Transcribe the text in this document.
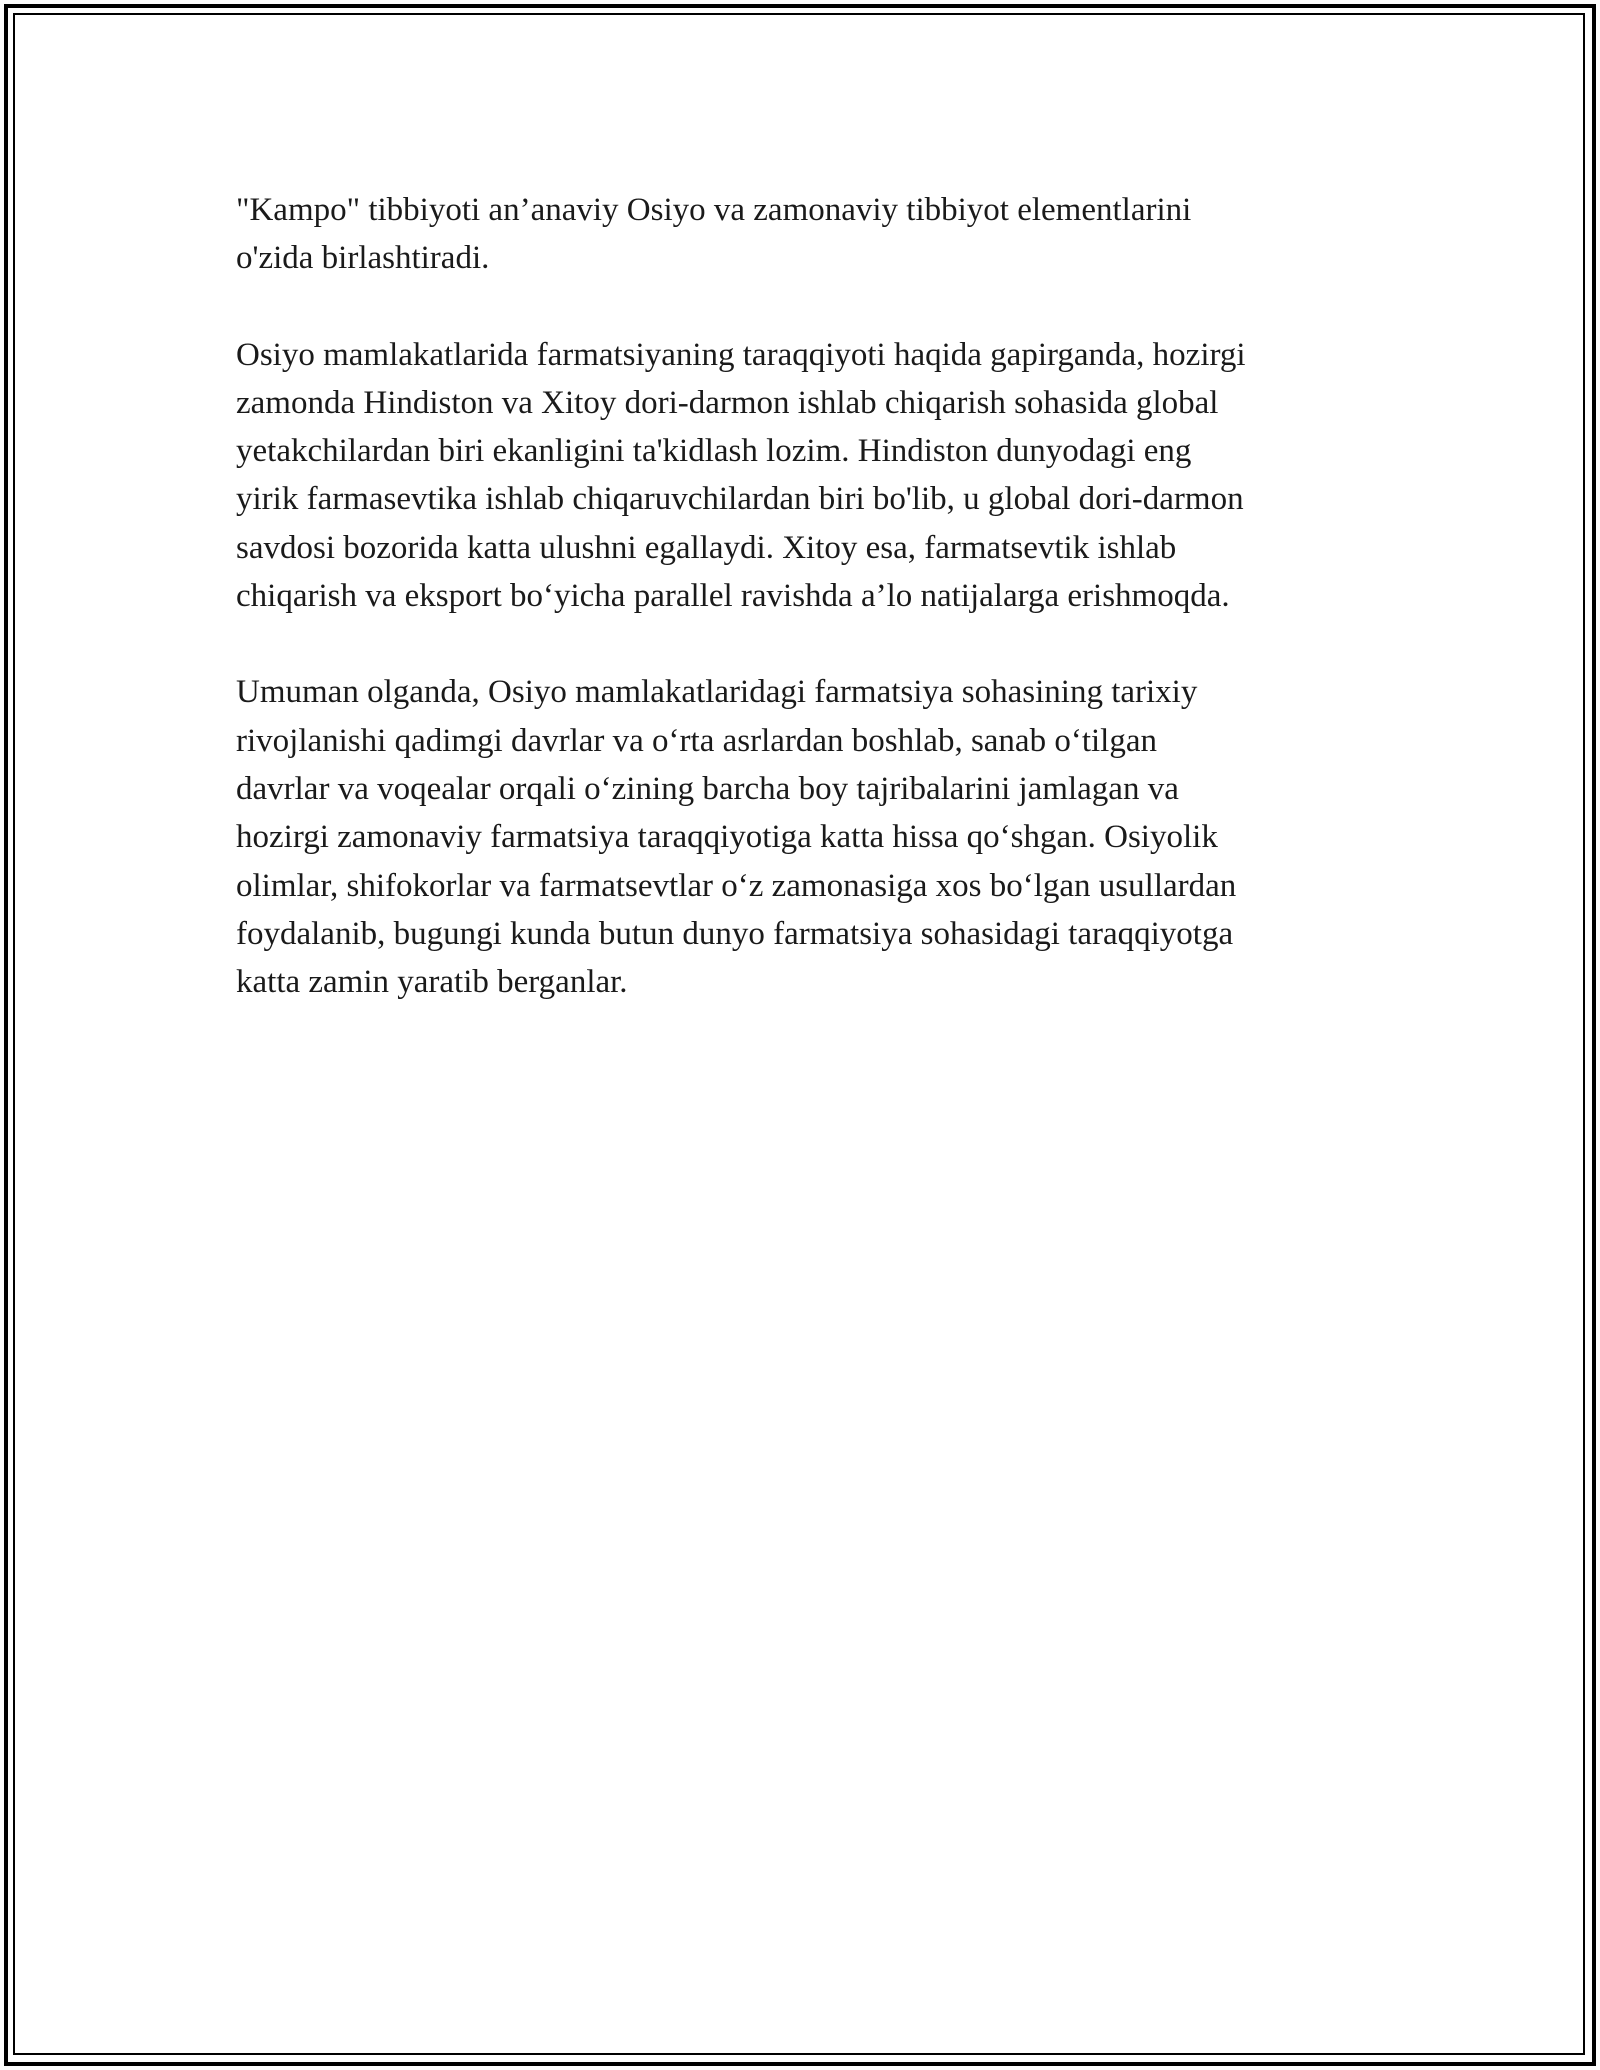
"Kampo" tibbiyoti an’anaviy Osiyo va zamonaviy tibbiyot elementlarini
o'zida birlashtiradi.

Osiyo mamlakatlarida farmatsiyaning taraqqiyoti haqida gapirganda, hozirgi
zamonda Hindiston va Xitoy dori-darmon ishlab chiqarish sohasida global
yetakchilardan biri ekanligini ta'kidlash lozim. Hindiston dunyodagi eng
yirik farmasevtika ishlab chiqaruvchilardan biri bo'lib, u global dori-darmon
savdosi bozorida katta ulushni egallaydi. Xitoy esa, farmatsevtik ishlab
chiqarish va eksport bo‘yicha parallel ravishda a’lo natijalarga erishmoqda.

Umuman olganda, Osiyo mamlakatlaridagi farmatsiya sohasining tarixiy
rivojlanishi qadimgi davrlar va o‘rta asrlardan boshlab, sanab o‘tilgan
davrlar va voqealar orqali o‘zining barcha boy tajribalarini jamlagan va
hozirgi zamonaviy farmatsiya taraqqiyotiga katta hissa qo‘shgan. Osiyolik
olimlar, shifokorlar va farmatsevtlar o‘z zamonasiga xos bo‘lgan usullardan
foydalanib, bugungi kunda butun dunyo farmatsiya sohasidagi taraqqiyotga
katta zamin yaratib berganlar.
